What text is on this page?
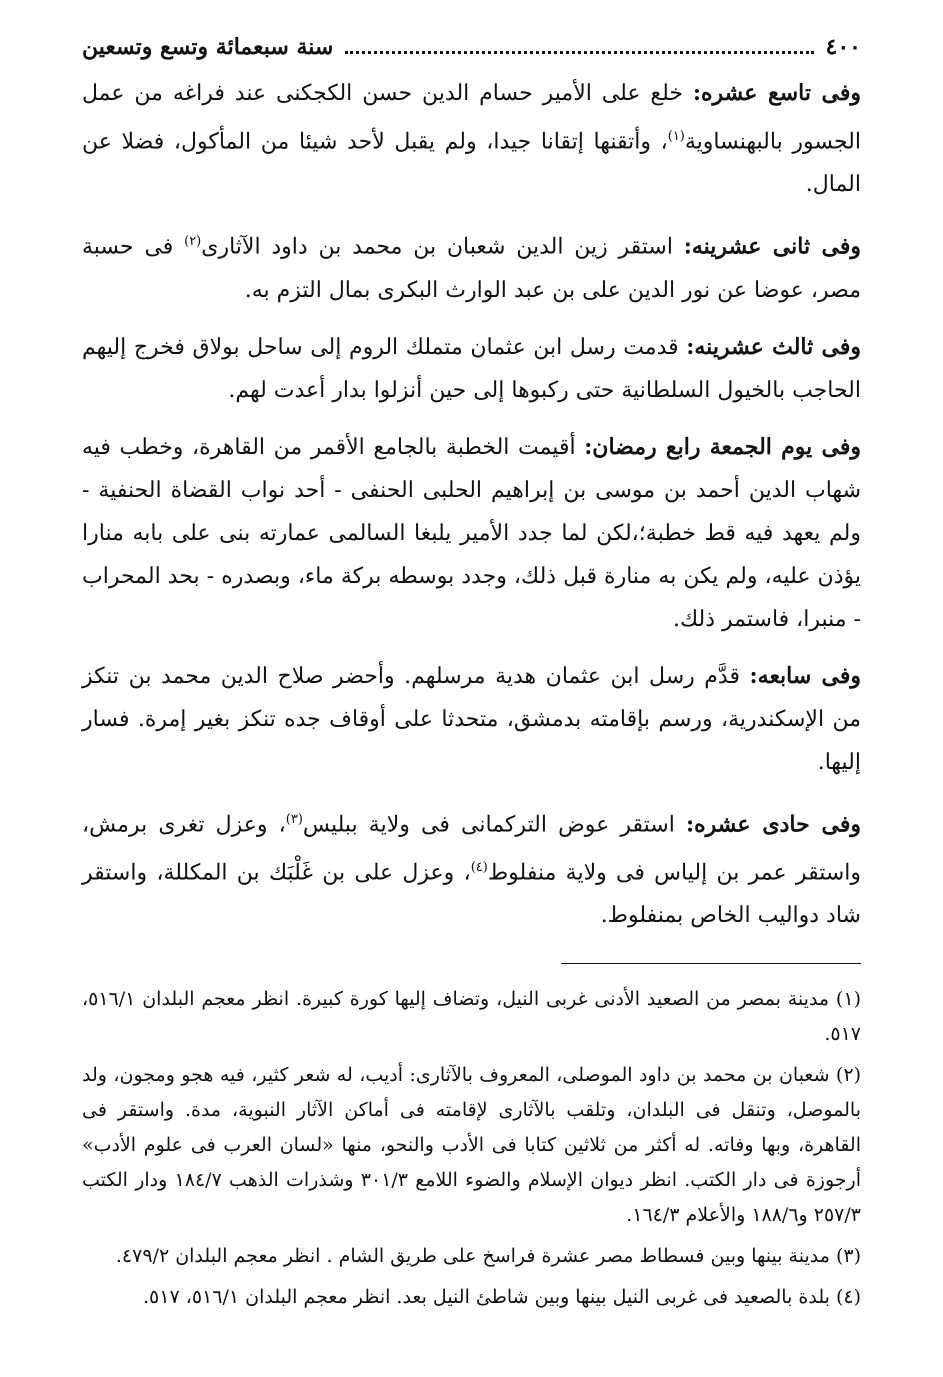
٤٠٠
سنة سبعمائة وتسع وتسعين

وفى تاسع عشره: خلع على الأمير حسام الدين حسن الكجكنى عند فراغه من عمل الجسور بالبهنساوية$^{(١)}$، وأتقنها إتقانا جيدا، ولم يقبل لأحد شيئا من المأكول، فضلا عن المال.

وفى ثانى عشرينه: استقر زين الدين شعبان بن محمد بن داود الآثارى$^{(٢)}$ فى حسبة مصر، عوضا عن نور الدين على بن عبد الوارث البكرى بمال التزم به.

وفى ثالث عشرينه: قدمت رسل ابن عثمان متملك الروم إلى ساحل بولاق فخرج إليهم الحاجب بالخيول السلطانية حتى ركبوها إلى حين أنزلوا بدار أعدت لهم.

وفى يوم الجمعة رابع رمضان: أقيمت الخطبة بالجامع الأقمر من القاهرة، وخطب فيه شهاب الدين أحمد بن موسى بن إبراهيم الحلبى الحنفى - أحد نواب القضاة الحنفية - ولم يعهد فيه قط خطبة؛،لكن لما جدد الأمير يلبغا السالمى عمارته بنى على بابه منارا يؤذن عليه، ولم يكن به منارة قبل ذلك، وجدد بوسطه بركة ماء، وبصدره - بحد المحراب - منبرا، فاستمر ذلك.

وفى سابعه: قدَّم رسل ابن عثمان هدية مرسلهم. وأحضر صلاح الدين محمد بن تنكز من الإسكندرية، ورسم بإقامته بدمشق، متحدثا على أوقاف جده تنكز بغير إمرة. فسار إليها.

وفى حادى عشره: استقر عوض التركمانى فى ولاية ببليس$^{(٣)}$، وعزل تغرى برمش، واستقر عمر بن إلياس فى ولاية منفلوط$^{(٤)}$، وعزل على بن غَلْبَك بن المكللة، واستقر شاد دواليب الخاص بمنفلوط.

(١) مدينة بمصر من الصعيد الأدنى غربى النيل، وتضاف إليها كورة كبيرة. انظر معجم البلدان ٥١٦/١، ٥١٧.

(٢) شعبان بن محمد بن داود الموصلى، المعروف بالآثارى: أديب، له شعر كثير، فيه هجو ومجون، ولد بالموصل، وتنقل فى البلدان، وتلقب بالآثارى لإقامته فى أماكن الآثار النبوية، مدة. واستقر فى القاهرة، وبها وفاته. له أكثر من ثلاثين كتابا فى الأدب والنحو، منها «لسان العرب فى علوم الأدب» أرجوزة فى دار الكتب. انظر ديوان الإسلام والضوء اللامع ٣٠١/٣ وشذرات الذهب ١٨٤/٧ ودار الكتب ٢٥٧/٣ و١٨٨/٦ والأعلام ١٦٤/٣.

(٣) مدينة بينها وبين فسطاط مصر عشرة فراسخ على طريق الشام . انظر معجم البلدان ٤٧٩/٢.

(٤) بلدة بالصعيد فى غربى النيل بينها وبين شاطئ النيل بعد. انظر معجم البلدان ٥١٦/١، ٥١٧.
